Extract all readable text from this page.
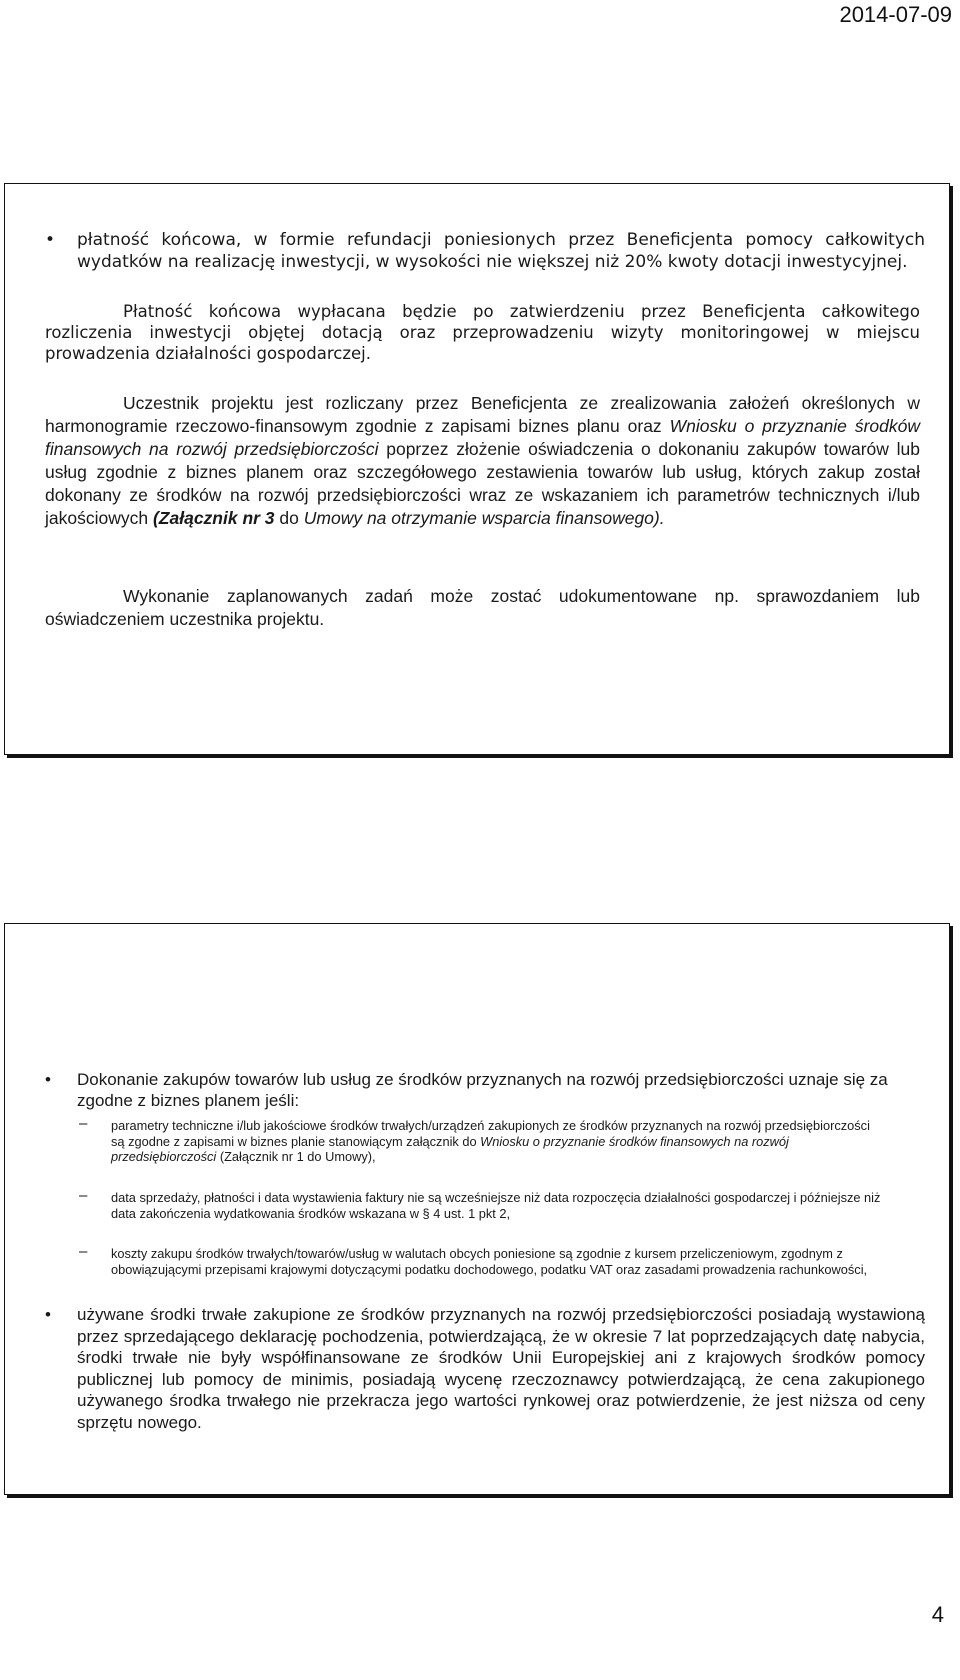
2014-07-09
• płatność końcowa, w formie refundacji poniesionych przez Beneficjenta pomocy całkowitych wydatków na realizację inwestycji, w wysokości nie większej niż 20% kwoty dotacji inwestycyjnej.

Płatność końcowa wypłacana będzie po zatwierdzeniu przez Beneficjenta całkowitego rozliczenia inwestycji objętej dotacją oraz przeprowadzeniu wizyty monitoringowej w miejscu prowadzenia działalności gospodarczej.

Uczestnik projektu jest rozliczany przez Beneficjenta ze zrealizowania założeń określonych w harmonogramie rzeczowo-finansowym zgodnie z zapisami biznes planu oraz Wniosku o przyznanie środków finansowych na rozwój przedsiębiorczości poprzez złożenie oświadczenia o dokonaniu zakupów towarów lub usług zgodnie z biznes planem oraz szczegółowego zestawienia towarów lub usług, których zakup został dokonany ze środków na rozwój przedsiębiorczości wraz ze wskazaniem ich parametrów technicznych i/lub jakościowych (Załącznik nr 3 do Umowy na otrzymanie wsparcia finansowego).

Wykonanie zaplanowanych zadań może zostać udokumentowane np. sprawozdaniem lub oświadczeniem uczestnika projektu.

• Dokonanie zakupów towarów lub usług ze środków przyznanych na rozwój przedsiębiorczości uznaje się za zgodne z biznes planem jeśli:

– parametry techniczne i/lub jakościowe środków trwałych/urządzeń zakupionych ze środków przyznanych na rozwój przedsiębiorczości są zgodne z zapisami w biznes planie stanowiącym załącznik do Wniosku o przyznanie środków finansowych na rozwój przedsiębiorczości (Załącznik nr 1 do Umowy),

– data sprzedaży, płatności i data wystawienia faktury nie są wcześniejsze niż data rozpoczęcia działalności gospodarczej i późniejsze niż data zakończenia wydatkowania środków wskazana w § 4 ust. 1 pkt 2,

– koszty zakupu środków trwałych/towarów/usług w walutach obcych poniesione są zgodnie z kursem przeliczeniowym, zgodnym z obowiązującymi przepisami krajowymi dotyczącymi podatku dochodowego, podatku VAT oraz zasadami prowadzenia rachunkowości,

• używane środki trwałe zakupione ze środków przyznanych na rozwój przedsiębiorczości posiadają wystawioną przez sprzedającego deklarację pochodzenia, potwierdzającą, że w okresie 7 lat poprzedzających datę nabycia, środki trwałe nie były współfinansowane ze środków Unii Europejskiej ani z krajowych środków pomocy publicznej lub pomocy de minimis, posiadają wycenę rzeczoznawcy potwierdzającą, że cena zakupionego używanego środka trwałego nie przekracza jego wartości rynkowej oraz potwierdzenie, że jest niższa od ceny sprzętu nowego.

4
